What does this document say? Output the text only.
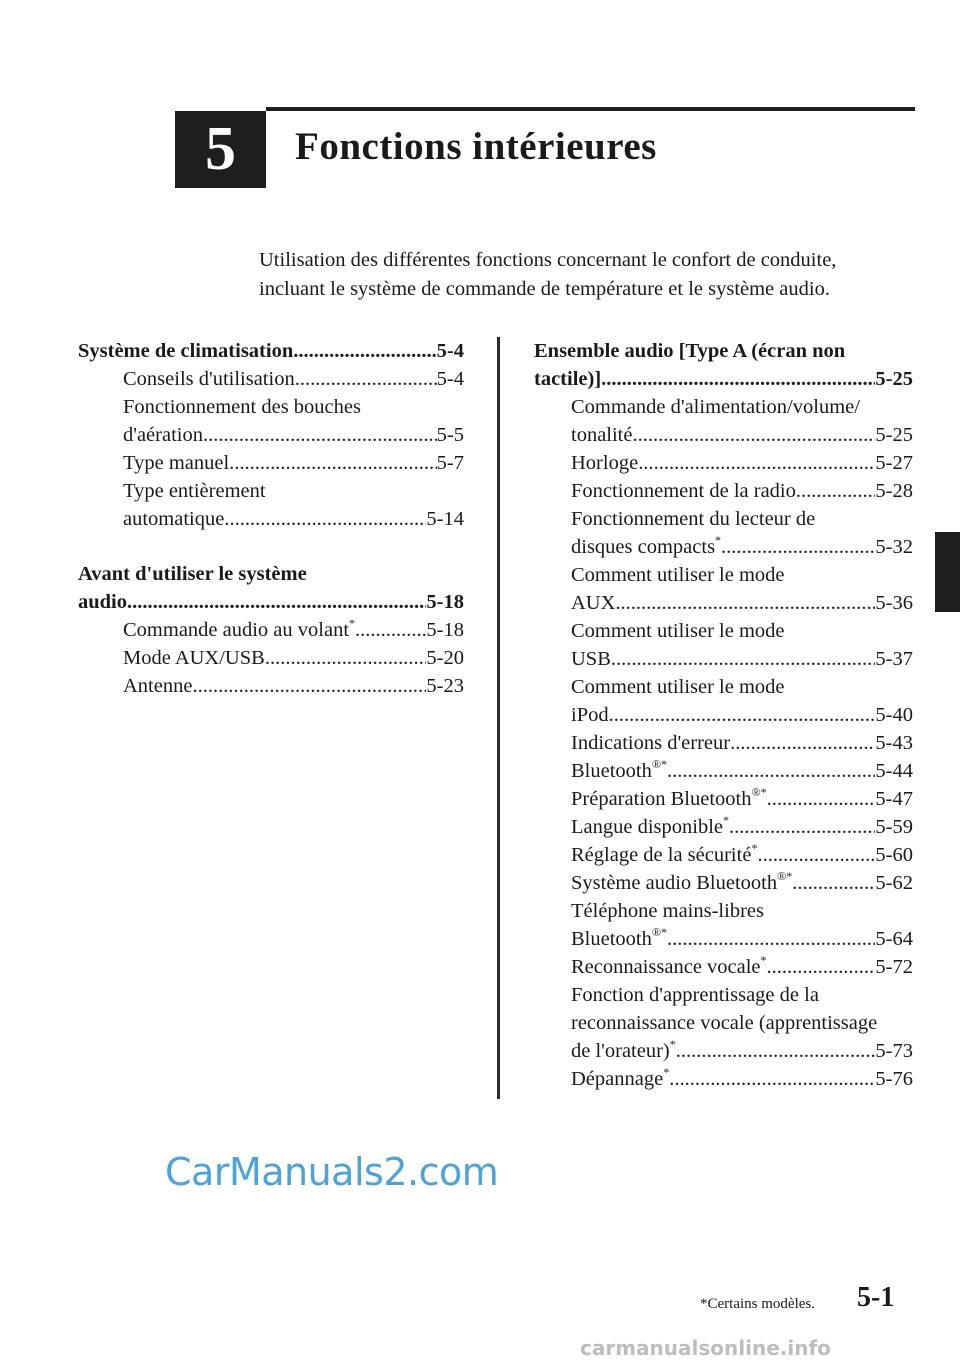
5 Fonctions intérieures
Utilisation des différentes fonctions concernant le confort de conduite,
incluant le système de commande de température et le système audio.
Système de climatisation .....	5-4
Conseils d'utilisation .....	5-4
Fonctionnement des bouches
d'aération .....	5-5
Type manuel .....	5-7
Type entièrement
automatique .....	5-14
Avant d'utiliser le système
audio .....	5-18
Commande audio au volant* .....	5-18
Mode AUX/USB .....	5-20
Antenne .....	5-23
Ensemble audio [Type A (écran non
tactile)] .....	5-25
Commande d'alimentation/volume/
tonalité .....	5-25
Horloge .....	5-27
Fonctionnement de la radio .....	5-28
Fonctionnement du lecteur de
disques compacts* .....	5-32
Comment utiliser le mode
AUX .....	5-36
Comment utiliser le mode
USB .....	5-37
Comment utiliser le mode
iPod .....	5-40
Indications d'erreur .....	5-43
Bluetooth®* .....	5-44
Préparation Bluetooth®* .....	5-47
Langue disponible* .....	5-59
Réglage de la sécurité* .....	5-60
Système audio Bluetooth®* .....	5-62
Téléphone mains-libres
Bluetooth®* .....	5-64
Reconnaissance vocale* .....	5-72
Fonction d'apprentissage de la
reconnaissance vocale (apprentissage
de l'orateur)* .....	5-73
Dépannage* .....	5-76
CarManuals2.com
*Certains modèles. 5-1
carmanualsonline.info
